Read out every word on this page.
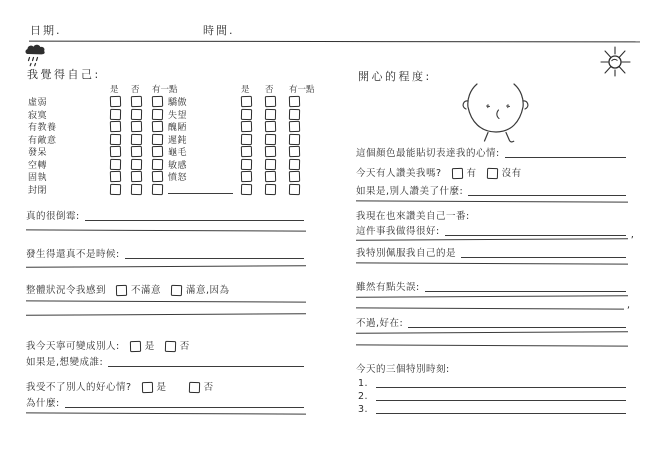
日期.	時間.
我覺得自己:
是	否	有一點	是	否	有一點
虛弱	驕傲
寂寞	失望
有教養	醜陋
有敵意	遲鈍
發呆	龜毛
空轉	敏感
固執	憤怒
封閉
真的很倒霉:
發生得還真不是時候:
整體狀況令我感到	不滿意	滿意,因為
我今天寧可變成別人:	是	否
如果是,想變成誰:
我受不了別人的好心情?	是	否
為什麼:
開心的程度:
這個顏色最能貼切表達我的心情:
今天有人讚美我嗎?	有	沒有
如果是,別人讚美了什麼:
我現在也來讚美自己一番:
這件事我做得很好:	,
我特別佩服我自己的是
雖然有點失誤:
,
不過,好在:
今天的三個特別時刻:
1.
2.
3.
